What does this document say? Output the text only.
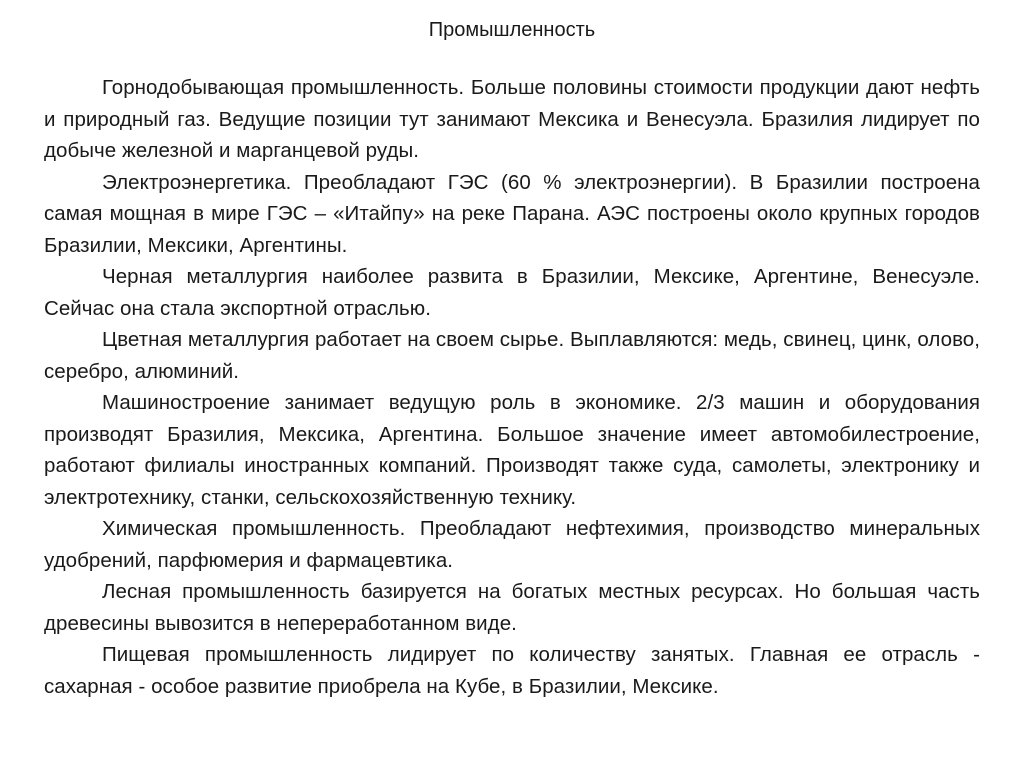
Промышленность

Горнодобывающая промышленность. Больше половины стоимости продукции дают нефть и природный газ. Ведущие позиции тут занимают Мексика и Венесуэла. Бразилия лидирует по добыче железной и марганцевой руды.

Электроэнергетика. Преобладают ГЭС (60 % электроэнергии). В Бразилии построена самая мощная в мире ГЭС – «Итайпу» на реке Парана. АЭС построены около крупных городов Бразилии, Мексики, Аргентины.

Черная металлургия наиболее развита в Бразилии, Мексике, Аргентине, Венесуэле. Сейчас она стала экспортной отраслью.

Цветная металлургия работает на своем сырье. Выплавляются: медь, свинец, цинк, олово, серебро, алюминий.

Машиностроение занимает ведущую роль в экономике. 2/3 машин и оборудования производят Бразилия, Мексика, Аргентина. Большое значение имеет автомобилестроение, работают филиалы иностранных компаний. Производят также суда, самолеты, электронику и электротехнику, станки, сельскохозяйственную технику.

Химическая промышленность. Преобладают нефтехимия, производство минеральных удобрений, парфюмерия и фармацевтика.

Лесная промышленность базируется на богатых местных ресурсах. Но большая часть древесины вывозится в непереработанном виде.

Пищевая промышленность лидирует по количеству занятых. Главная ее отрасль - сахарная - особое развитие приобрела на Кубе, в Бразилии, Мексике.
